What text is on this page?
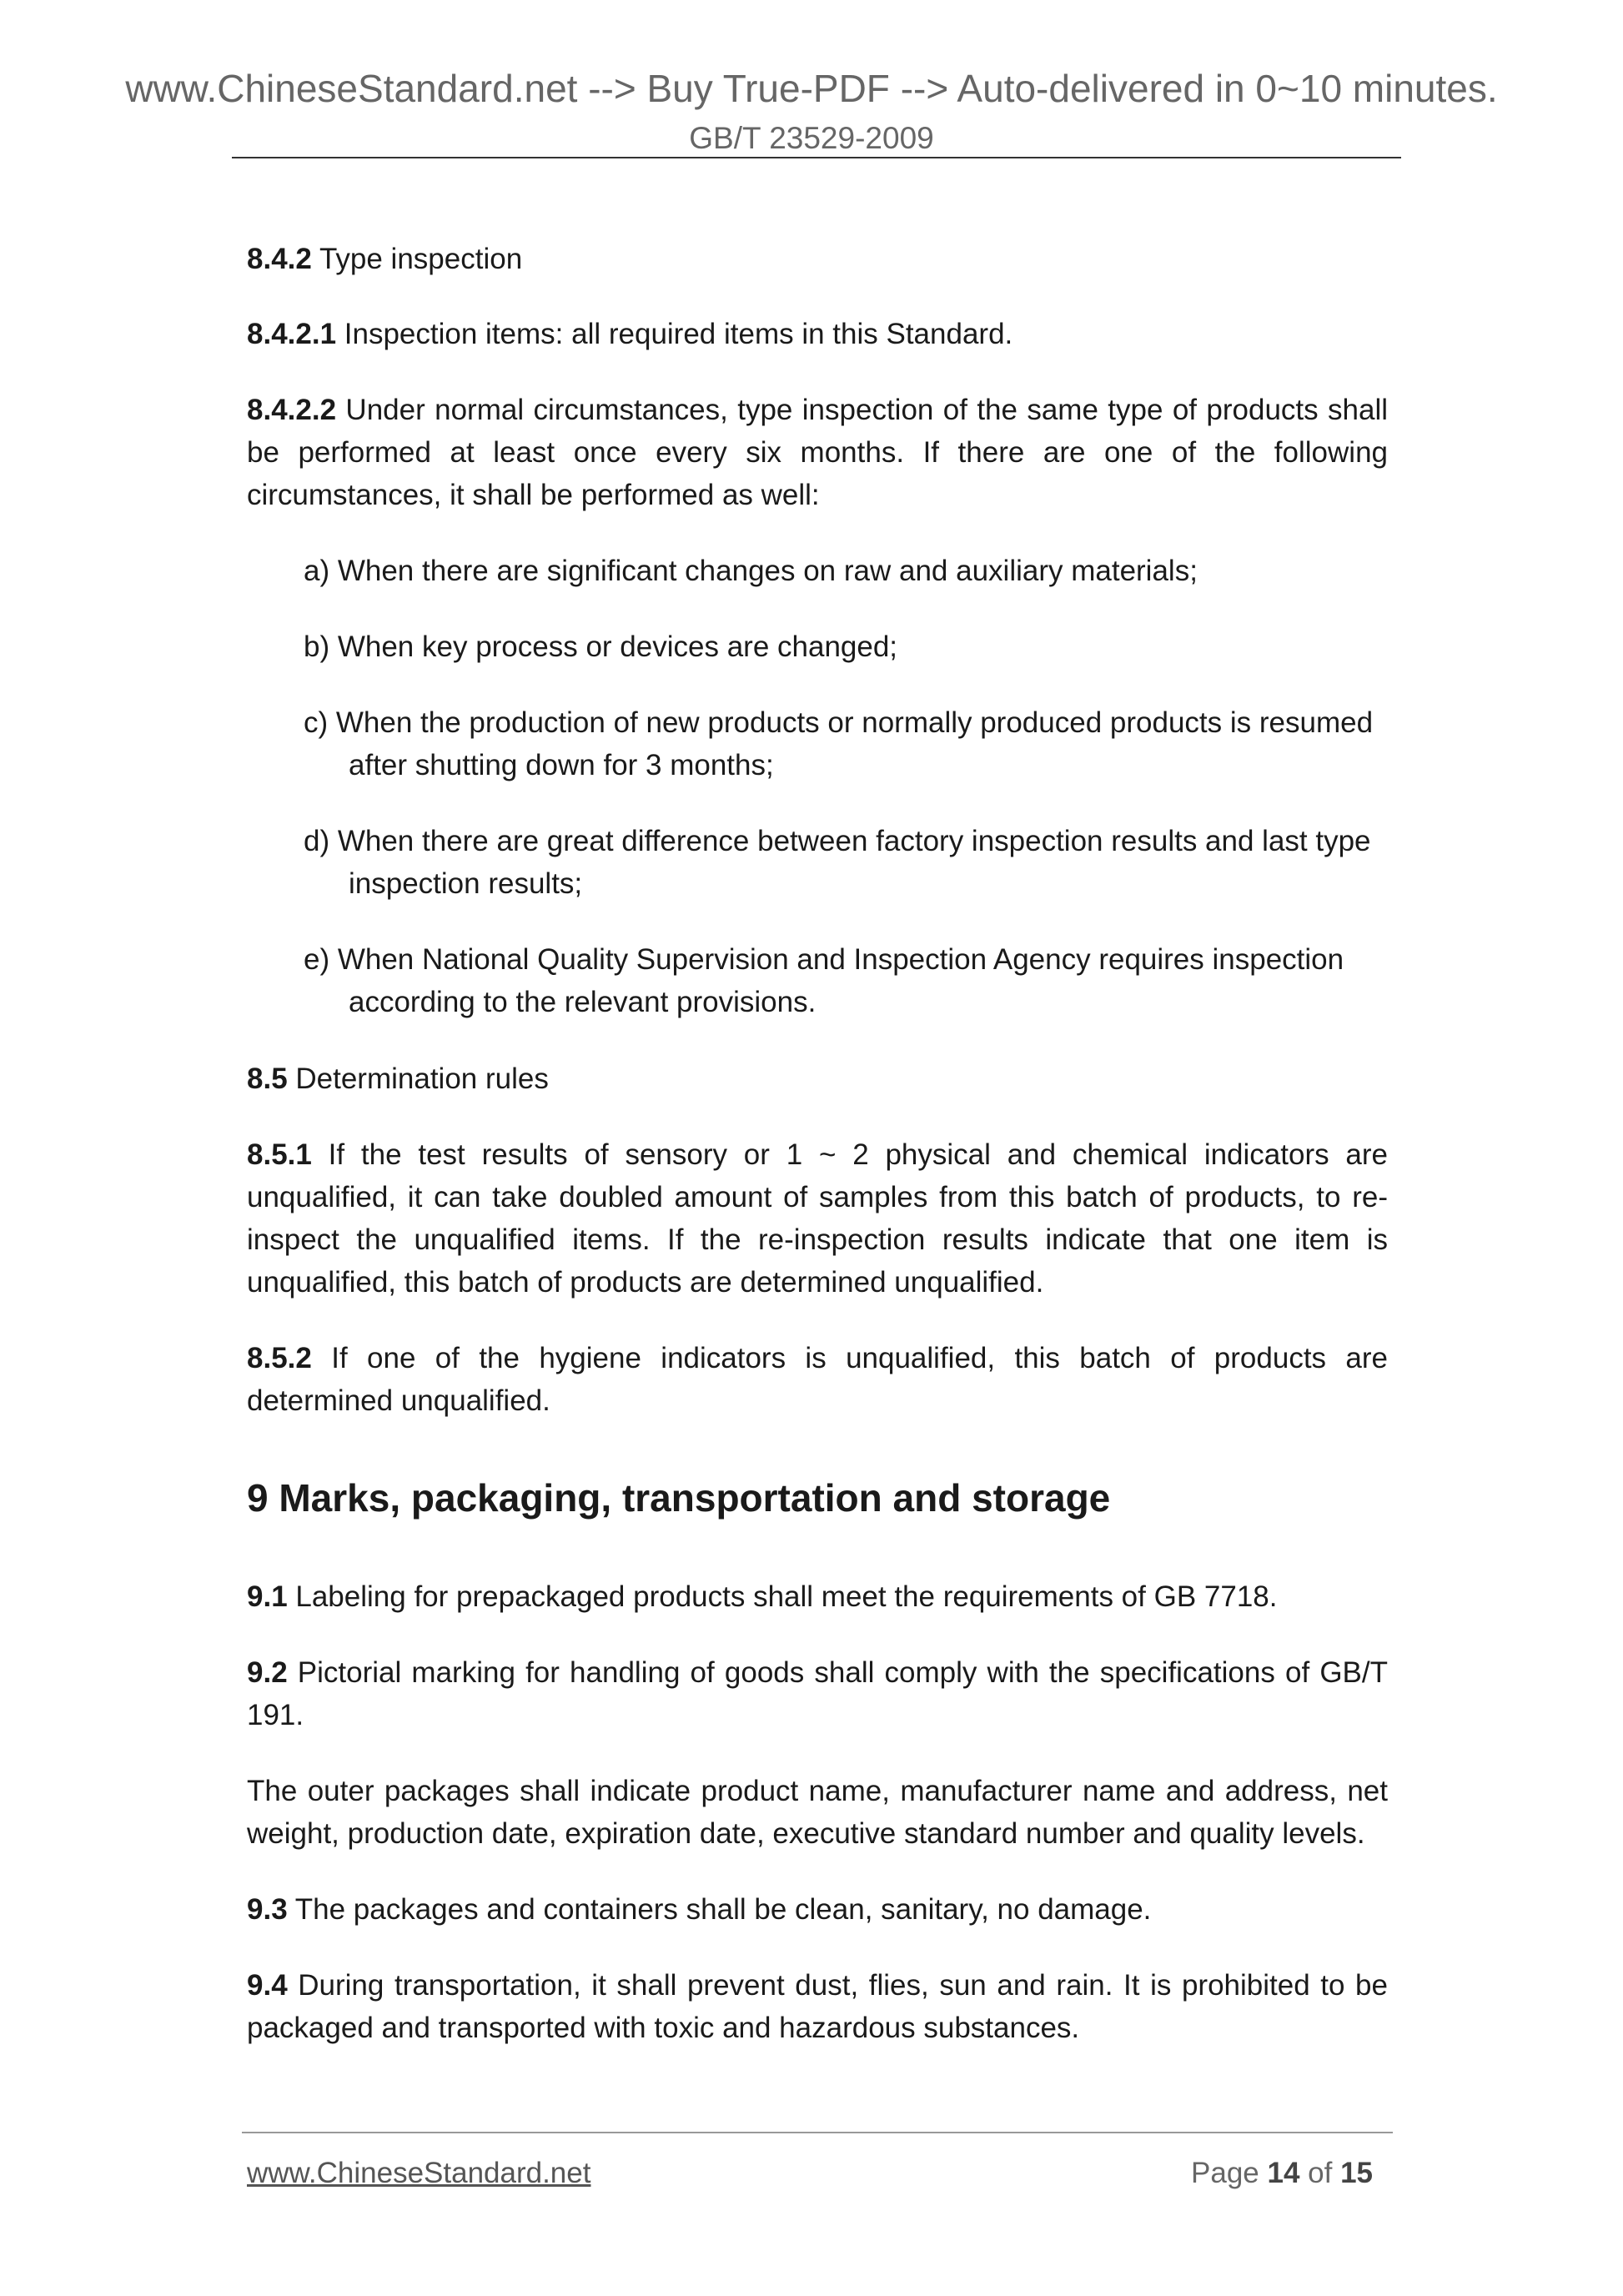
www.ChineseStandard.net --> Buy True-PDF --> Auto-delivered in 0~10 minutes.
GB/T 23529-2009

8.4.2 Type inspection

8.4.2.1 Inspection items: all required items in this Standard.

8.4.2.2 Under normal circumstances, type inspection of the same type of products shall be performed at least once every six months. If there are one of the following circumstances, it shall be performed as well:

a) When there are significant changes on raw and auxiliary materials;

b) When key process or devices are changed;

c) When the production of new products or normally produced products is resumed
after shutting down for 3 months;

d) When there are great difference between factory inspection results and last type
inspection results;

e) When National Quality Supervision and Inspection Agency requires inspection
according to the relevant provisions.

8.5 Determination rules

8.5.1 If the test results of sensory or 1 ~ 2 physical and chemical indicators are unqualified, it can take doubled amount of samples from this batch of products, to re-inspect the unqualified items. If the re-inspection results indicate that one item is unqualified, this batch of products are determined unqualified.

8.5.2 If one of the hygiene indicators is unqualified, this batch of products are determined unqualified.

9 Marks, packaging, transportation and storage

9.1 Labeling for prepackaged products shall meet the requirements of GB 7718.

9.2 Pictorial marking for handling of goods shall comply with the specifications of GB/T 191.

The outer packages shall indicate product name, manufacturer name and address, net weight, production date, expiration date, executive standard number and quality levels.

9.3 The packages and containers shall be clean, sanitary, no damage.

9.4 During transportation, it shall prevent dust, flies, sun and rain. It is prohibited to be packaged and transported with toxic and hazardous substances.

www.ChineseStandard.net	Page 14 of 15
